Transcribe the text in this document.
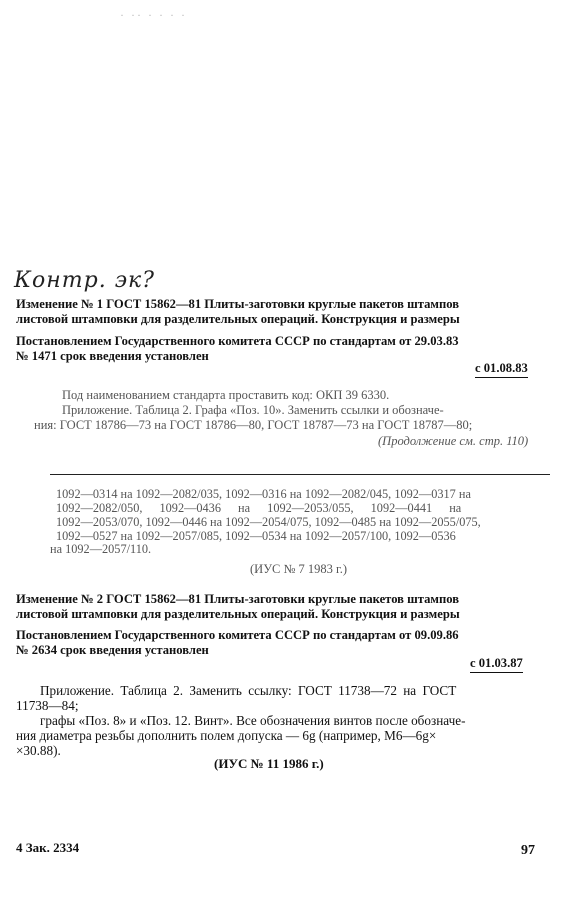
· ·· · · · ·
Контр. эк?
Изменение № 1 ГОСТ 15862—81 Плиты-заготовки круглые пакетов штампов
листовой штамповки для разделительных операций. Конструкция и размеры
Постановлением Государственного комитета СССР по стандартам от 29.03.83
№ 1471 срок введения установлен
с 01.08.83
Под наименованием стандарта проставить код: ОКП 39 6330.
Приложение. Таблица 2. Графа «Поз. 10». Заменить ссылки и обозначе-
ния: ГОСТ 18786—73 на ГОСТ 18786—80, ГОСТ 18787—73 на ГОСТ 18787—80;
(Продолжение см. стр. 110)
1092—0314 на 1092—2082/035, 1092—0316 на 1092—2082/045, 1092—0317 на
1092—2082/050, 1092—0436 на 1092—2053/055, 1092—0441 на
1092—2053/070, 1092—0446 на 1092—2054/075, 1092—0485 на 1092—2055/075,
1092—0527 на 1092—2057/085, 1092—0534 на 1092—2057/100, 1092—0536
на 1092—2057/110.
(ИУС № 7 1983 г.)
Изменение № 2 ГОСТ 15862—81 Плиты-заготовки круглые пакетов штампов
листовой штамповки для разделительных операций. Конструкция и размеры
Постановлением Государственного комитета СССР по стандартам от 09.09.86
№ 2634 срок введения установлен
с 01.03.87
Приложение. Таблица 2. Заменить ссылку: ГОСТ 11738—72 на ГОСТ
11738—84;
графы «Поз. 8» и «Поз. 12. Винт». Все обозначения винтов после обозначе-
ния диаметра резьбы дополнить полем допуска — 6g (например, М6—6g×
×30.88).
(ИУС № 11 1986 г.)
4 Зак. 2334	97
